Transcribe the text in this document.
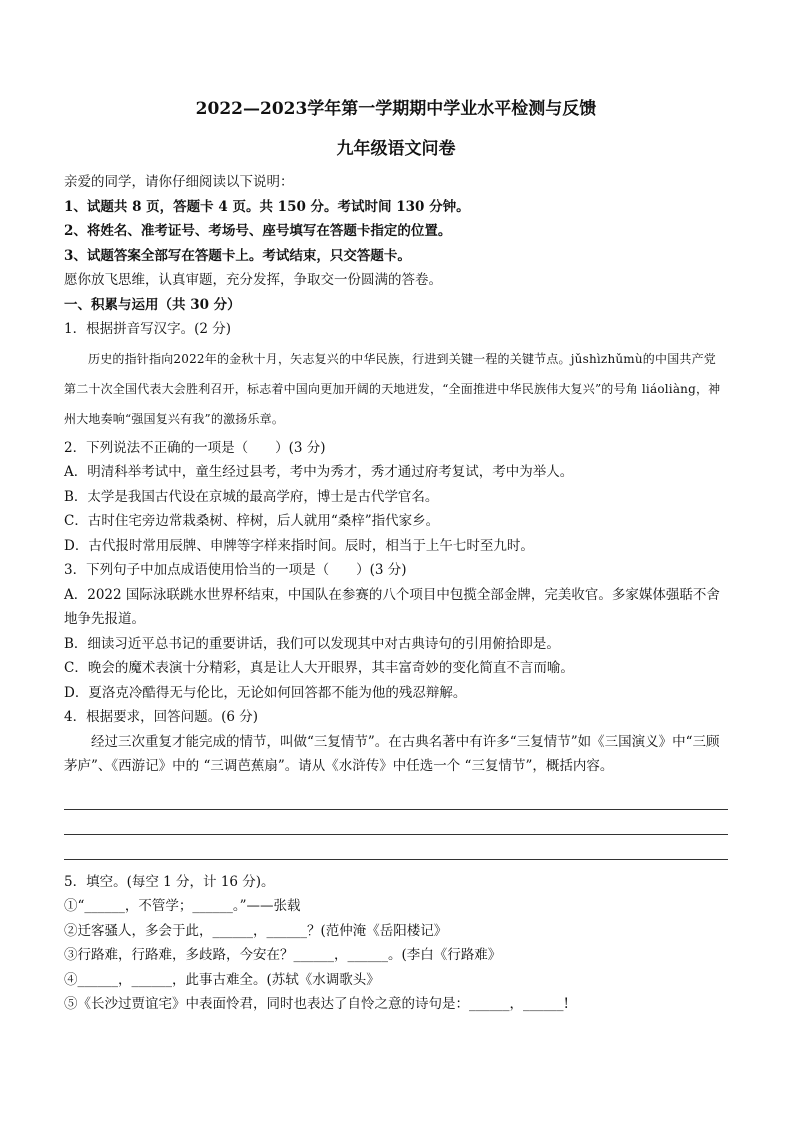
2022—2023学年第一学期期中学业水平检测与反馈
九年级语文问卷

亲爱的同学，请你仔细阅读以下说明：

1、试题共 8 页，答题卡 4 页。共 150 分。考试时间 130 分钟。

2、将姓名、准考证号、考场号、座号填写在答题卡指定的位置。

3、试题答案全部写在答题卡上。考试结束，只交答题卡。

愿你放飞思维，认真审题，充分发挥，争取交一份圆满的答卷。

一、积累与运用（共 30 分）

1．根据拼音写汉字。(2 分)

历史的指针指向2022年的金秋十月，矢志复兴的中华民族，行进到关键一程的关键节点。jǔshìzhǔmù的中国共产党第二十次全国代表大会胜利召开，标志着中国向更加开阔的天地迸发，“全面推进中华民族伟大复兴”的号角 liáoliàng，神州大地奏响“强国复兴有我”的激扬乐章。

2．下列说法不正确的一项是（　　）(3 分)

A．明清科举考试中，童生经过县考，考中为秀才，秀才通过府考复试，考中为举人。

B．太学是我国古代设在京城的最高学府，博士是古代学官名。

C．古时住宅旁边常栽桑树、梓树，后人就用“桑梓”指代家乡。

D．古代报时常用辰牌、申牌等字样来指时间。辰时，相当于上午七时至九时。

3．下列句子中加点成语使用恰当的一项是（　　）(3 分)

A．2022 国际泳联跳水世界杯结束，中国队在参赛的八个项目中包揽全部金牌，完美收官。多家媒体强聒不舍地争先报道。

B．细读习近平总书记的重要讲话，我们可以发现其中对古典诗句的引用俯拾即是。

C．晚会的魔术表演十分精彩，真是让人大开眼界，其丰富奇妙的变化简直不言而喻。

D．夏洛克冷酷得无与伦比，无论如何回答都不能为他的残忍辩解。

4．根据要求，回答问题。(6 分)

经过三次重复才能完成的情节，叫做“三复情节”。在古典名著中有许多“三复情节”如《三国演义》中“三顾茅庐”、《西游记》中的 “三调芭蕉扇”。请从《水浒传》中任选一个 “三复情节”，概括内容。

5．填空。(每空 1 分，计 16 分)。

①“______，不管学；______。”——张载

②迁客骚人，多会于此，______，______？(范仲淹《岳阳楼记》

③行路难，行路难，多歧路，今安在？______，______。(李白《行路难》

④______，______，此事古难全。(苏轼《水调歌头》

⑤《长沙过贾谊宅》中表面怜君，同时也表达了自怜之意的诗句是：______，______!
